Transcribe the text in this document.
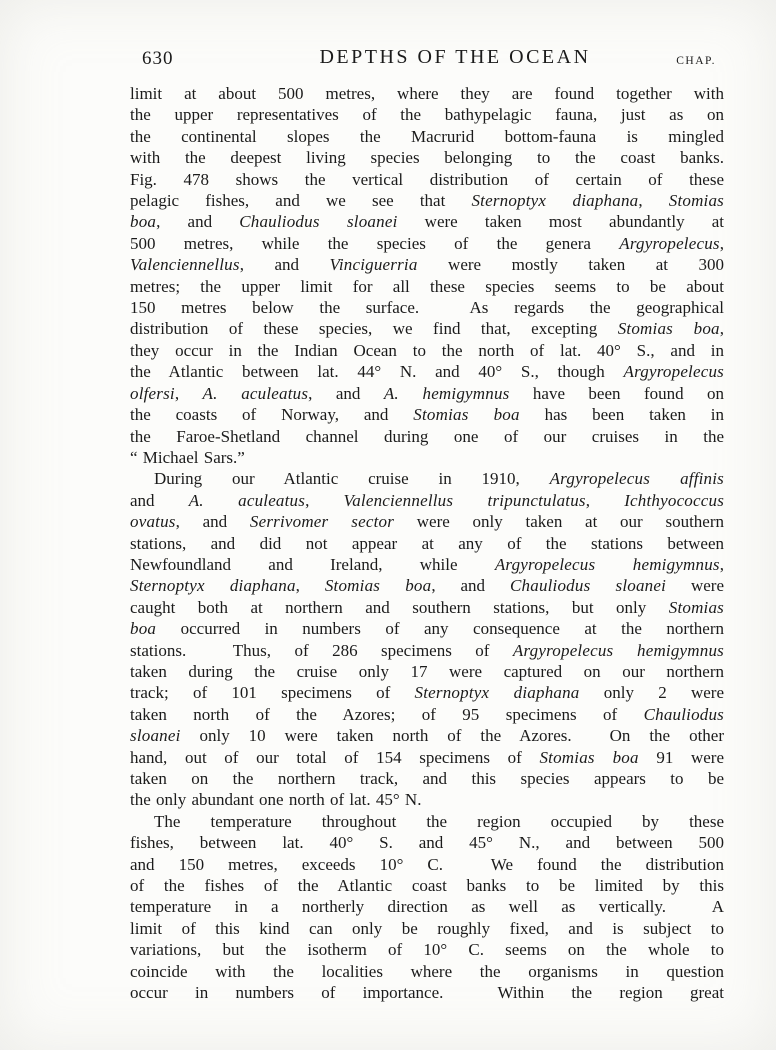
630	DEPTHS OF THE OCEAN	CHAP.
limit at about 500 metres, where they are found together with
the upper representatives of the bathypelagic fauna, just as on
the continental slopes the Macrurid bottom-fauna is mingled
with the deepest living species belonging to the coast banks.
Fig. 478 shows the vertical distribution of certain of these
pelagic fishes, and we see that Sternoptyx diaphana, Stomias
boa, and Chauliodus sloanei were taken most abundantly at
500 metres, while the species of the genera Argyropelecus,
Valenciennellus, and Vinciguerria were mostly taken at 300
metres; the upper limit for all these species seems to be about
150 metres below the surface.  As regards the geographical
distribution of these species, we find that, excepting Stomias boa,
they occur in the Indian Ocean to the north of lat. 40° S., and in
the Atlantic between lat. 44° N. and 40° S., though Argyropelecus
olfersi, A. aculeatus, and A. hemigymnus have been found on
the coasts of Norway, and Stomias boa has been taken in
the Faroe-Shetland channel during one of our cruises in the
“ Michael Sars.”
During our Atlantic cruise in 1910, Argyropelecus affinis
and A. aculeatus, Valenciennellus tripunctulatus, Ichthyococcus
ovatus, and Serrivomer sector were only taken at our southern
stations, and did not appear at any of the stations between
Newfoundland and Ireland, while Argyropelecus hemigymnus,
Sternoptyx diaphana, Stomias boa, and Chauliodus sloanei were
caught both at northern and southern stations, but only Stomias
boa occurred in numbers of any consequence at the northern
stations.  Thus, of 286 specimens of Argyropelecus hemigymnus
taken during the cruise only 17 were captured on our northern
track; of 101 specimens of Sternoptyx diaphana only 2 were
taken north of the Azores; of 95 specimens of Chauliodus
sloanei only 10 were taken north of the Azores.  On the other
hand, out of our total of 154 specimens of Stomias boa 91 were
taken on the northern track, and this species appears to be
the only abundant one north of lat. 45° N.
The temperature throughout the region occupied by these
fishes, between lat. 40° S. and 45° N., and between 500
and 150 metres, exceeds 10° C.  We found the distribution
of the fishes of the Atlantic coast banks to be limited by this
temperature in a northerly direction as well as vertically.  A
limit of this kind can only be roughly fixed, and is subject to
variations, but the isotherm of 10° C. seems on the whole to
coincide with the localities where the organisms in question
occur in numbers of importance.  Within the region great
